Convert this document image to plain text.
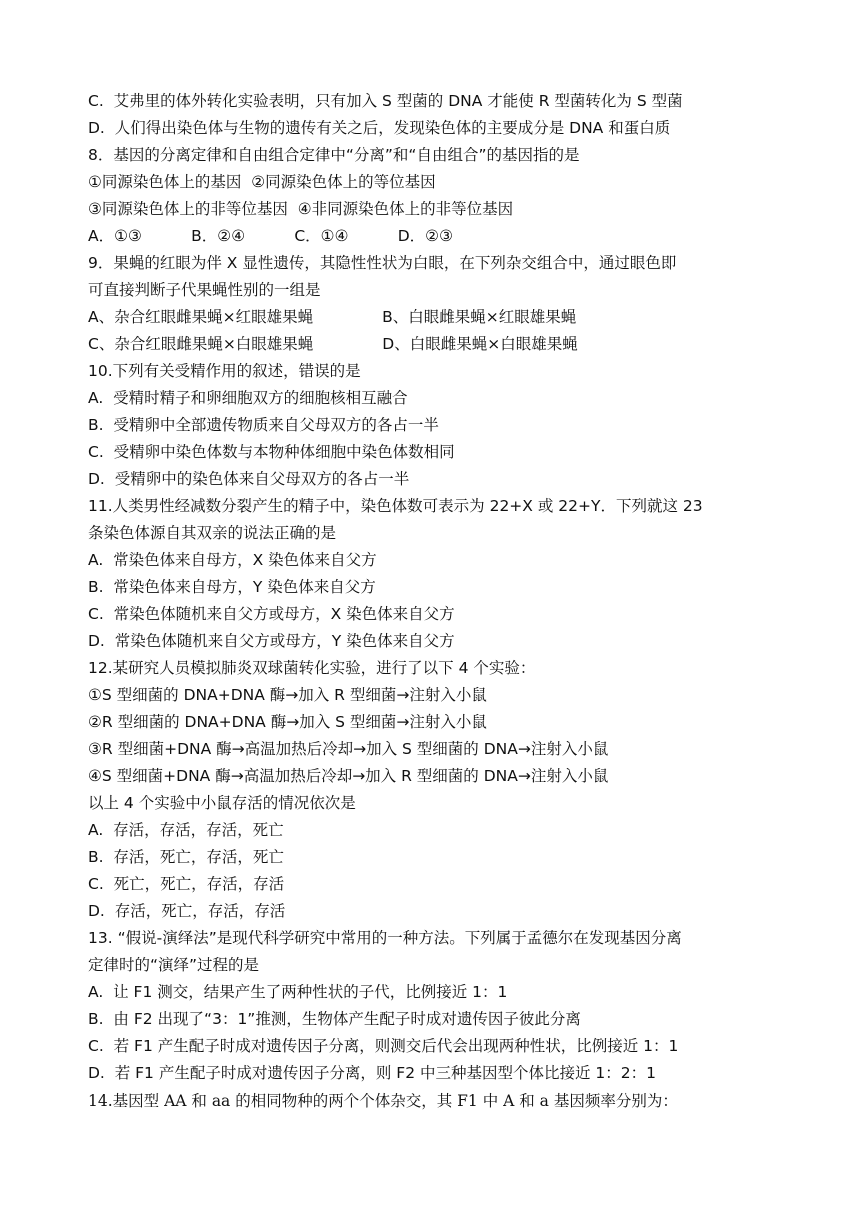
C.  艾弗里的体外转化实验表明，只有加入 S 型菌的 DNA 才能使 R 型菌转化为 S 型菌
D.  人们得出染色体与生物的遗传有关之后，发现染色体的主要成分是 DNA 和蛋白质
8．基因的分离定律和自由组合定律中“分离”和“自由组合”的基因指的是
①同源染色体上的基因  ②同源染色体上的等位基因
③同源染色体上的非等位基因  ④非同源染色体上的非等位基因
A．①③          B．②④          C．①④          D．②③
9．果蝇的红眼为伴 X 显性遗传，其隐性性状为白眼，在下列杂交组合中，通过眼色即
可直接判断子代果蝇性别的一组是
A、杂合红眼雌果蝇×红眼雄果蝇              B、白眼雌果蝇×红眼雄果蝇
C、杂合红眼雌果蝇×白眼雄果蝇              D、白眼雌果蝇×白眼雄果蝇
10.下列有关受精作用的叙述，错误的是
A.  受精时精子和卵细胞双方的细胞核相互融合
B.  受精卵中全部遗传物质来自父母双方的各占一半
C.  受精卵中染色体数与本物种体细胞中染色体数相同
D.  受精卵中的染色体来自父母双方的各占一半
11.人类男性经减数分裂产生的精子中，染色体数可表示为 22+X 或 22+Y．下列就这 23
条染色体源自其双亲的说法正确的是
A.  常染色体来自母方，X 染色体来自父方
B.  常染色体来自母方，Y 染色体来自父方
C.  常染色体随机来自父方或母方，X 染色体来自父方
D.  常染色体随机来自父方或母方，Y 染色体来自父方
12.某研究人员模拟肺炎双球菌转化实验，进行了以下 4 个实验：
①S 型细菌的 DNA+DNA 酶→加入 R 型细菌→注射入小鼠
②R 型细菌的 DNA+DNA 酶→加入 S 型细菌→注射入小鼠
③R 型细菌+DNA 酶→高温加热后冷却→加入 S 型细菌的 DNA→注射入小鼠
④S 型细菌+DNA 酶→高温加热后冷却→加入 R 型细菌的 DNA→注射入小鼠
以上 4 个实验中小鼠存活的情况依次是
A.  存活，存活，存活，死亡
B.  存活，死亡，存活，死亡
C.  死亡，死亡，存活，存活
D.  存活，死亡，存活，存活
13. “假说-演绎法”是现代科学研究中常用的一种方法。下列属于孟德尔在发现基因分离
定律时的“演绎”过程的是
A.  让 F1 测交，结果产生了两种性状的子代，比例接近 1：1
B.  由 F2 出现了“3：1”推测，生物体产生配子时成对遗传因子彼此分离
C.  若 F1 产生配子时成对遗传因子分离，则测交后代会出现两种性状，比例接近 1：1
D.  若 F1 产生配子时成对遗传因子分离，则 F2 中三种基因型个体比接近 1：2：1
14.基因型 AA 和 aa 的相同物种的两个个体杂交，其 F1 中 A 和 a 基因频率分别为：
